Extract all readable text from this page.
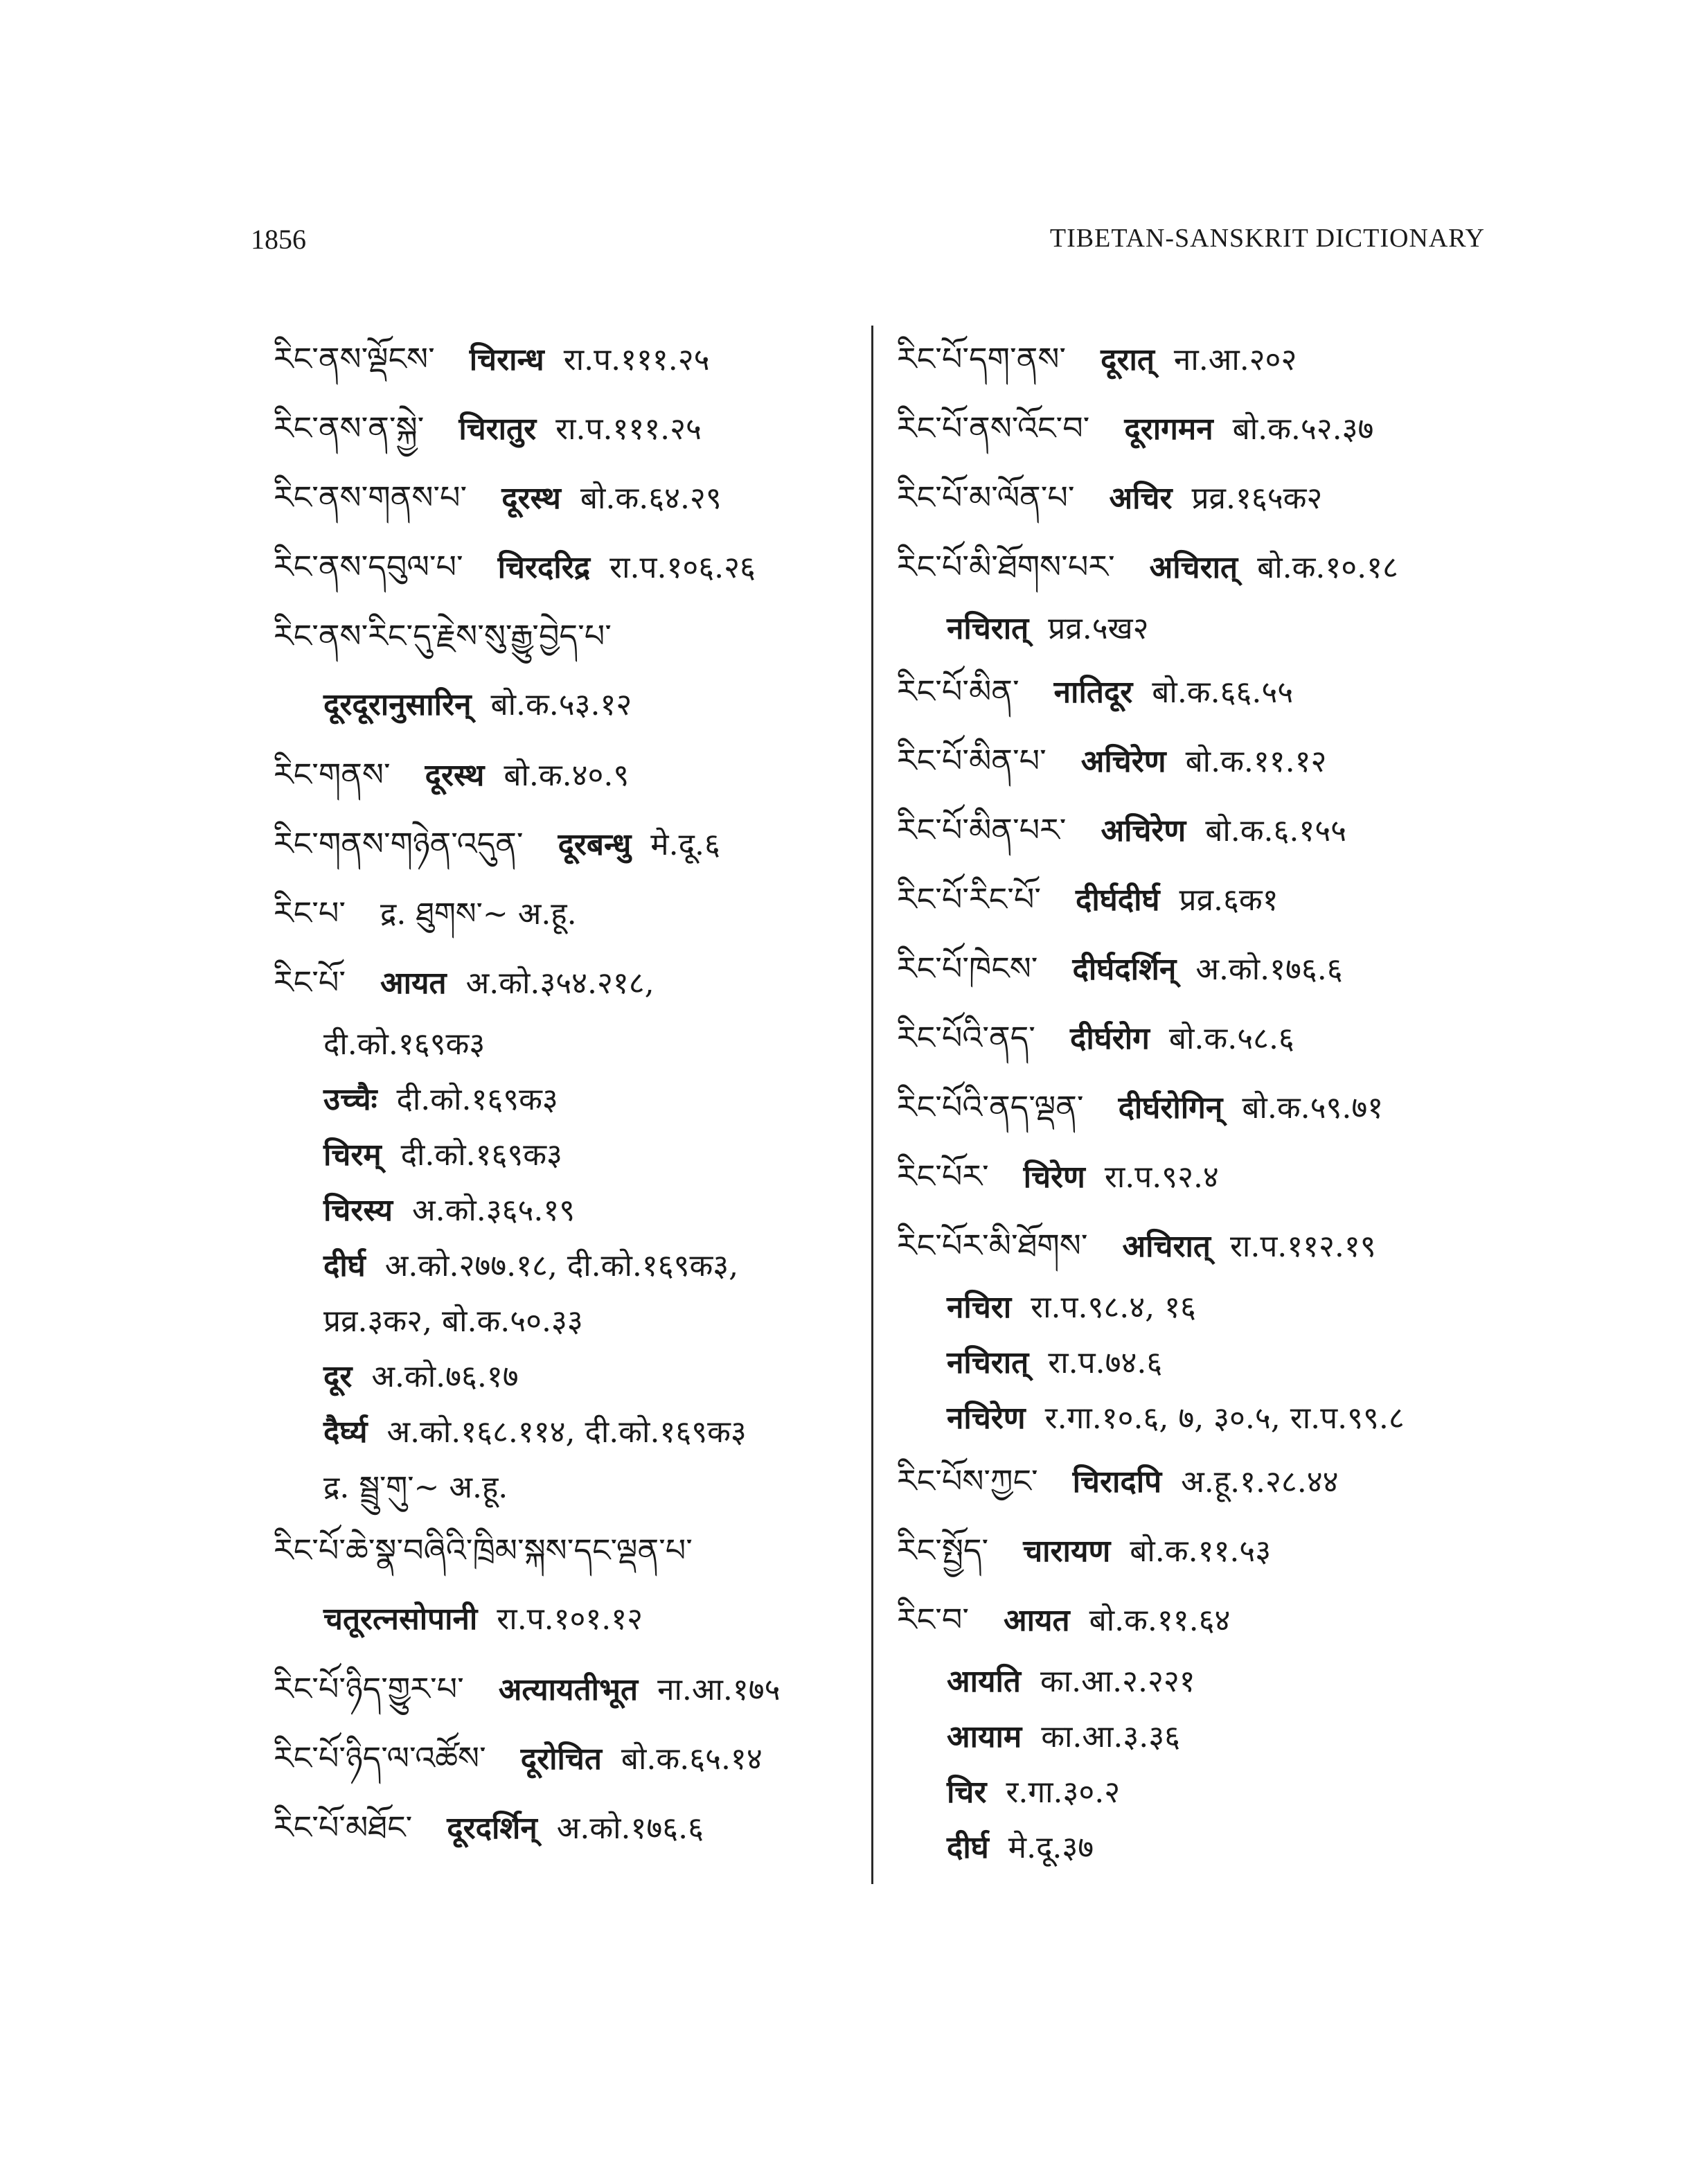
1856	TIBETAN-SANSKRIT DICTIONARY
རིང་ནས་ལྡོངས་ चिरान्ध रा.प.१११.२५
རིང་ནས་ན་སྐྱེ་ चिरातुर रा.प.१११.२५
རིང་ནས་གནས་པ་ दूरस्थ बो.क.६४.२९
རིང་ནས་དབུལ་པ་ चिरदरिद्र रा.प.१०६.२६
རིང་ནས་རིང་དུ་རྗེས་སུ་རྒྱུ་བྱེད་པ་
दूरदूरानुसारिन् बो.क.५३.१२
རིང་གནས་ दूरस्थ बो.क.४०.९
རིང་གནས་གཉེན་འདུན་ दूरबन्धु मे.दू.६
རིང་པ་ द्र. ཐུགས་~ अ.हू.
རིང་པོ་ आयत अ.को.३५४.२१८,
दी.को.१६९क३
उच्चैः दी.को.१६९क३
चिरम् दी.को.१६९क३
चिरस्य अ.को.३६५.१९
दीर्घ अ.को.२७७.१८, दी.को.१६९क३,
प्रव्र.३क२, बो.क.५०.३३
दूर अ.को.७६.१७
दैर्घ्य अ.को.१६८.११४, दी.को.१६९क३
द्र. སྦྲུ་གུ་~ अ.हू.
རིང་པོ་ཆེ་སྣ་བཞིའི་ཁྲིམ་སྐས་དང་ལྡན་པ་
चतूरत्नसोपानी रा.प.१०१.१२
རིང་པོ་ཉིད་གྱུར་པ་ अत्यायतीभूत ना.आ.१७५
རིང་པོ་ཉིད་ལ་འཚོས་ दूरोचित बो.क.६५.१४
རིང་པོ་མཐོང་ दूरदर्शिन् अ.को.१७६.६
རིང་པོ་དག་ནས་ दूरात् ना.आ.२०२
རིང་པོ་ནས་འོང་བ་ दूरागमन बो.क.५२.३७
རིང་པོ་མ་ལོན་པ་ अचिर प्रव्र.१६५क२
རིང་པོ་མི་ཐོགས་པར་ अचिरात् बो.क.१०.१८
नचिरात् प्रव्र.५ख२
རིང་པོ་མིན་ नातिदूर बो.क.६६.५५
རིང་པོ་མིན་པ་ अचिरेण बो.क.११.१२
རིང་པོ་མིན་པར་ अचिरेण बो.क.६.१५५
རིང་པོ་རིང་པོ་ दीर्घदीर्घ प्रव्र.६क१
རིང་པོ་ཁེངས་ दीर्घदर्शिन् अ.को.१७६.६
རིང་པོའི་ནད་ दीर्घरोग बो.क.५८.६
རིང་པོའི་ནད་ལྡན་ दीर्घरोगिन् बो.क.५९.७१
རིང་པོར་ चिरेण रा.प.९२.४
རིང་པོར་མི་ཐོགས་ अचिरात् रा.प.११२.१९
नचिरा रा.प.९८.४, १६
नचिरात् रा.प.७४.६
नचिरेण र.गा.१०.६, ७, ३०.५, रा.प.९९.८
རིང་པོས་ཀྱང་ चिरादपि अ.हू.१.२८.४४
རིང་སྤྱོད་ चारायण बो.क.११.५३
རིང་བ་ आयत बो.क.११.६४
आयति का.आ.२.२२१
आयाम का.आ.३.३६
चिर र.गा.३०.२
दीर्घ मे.दू.३७
